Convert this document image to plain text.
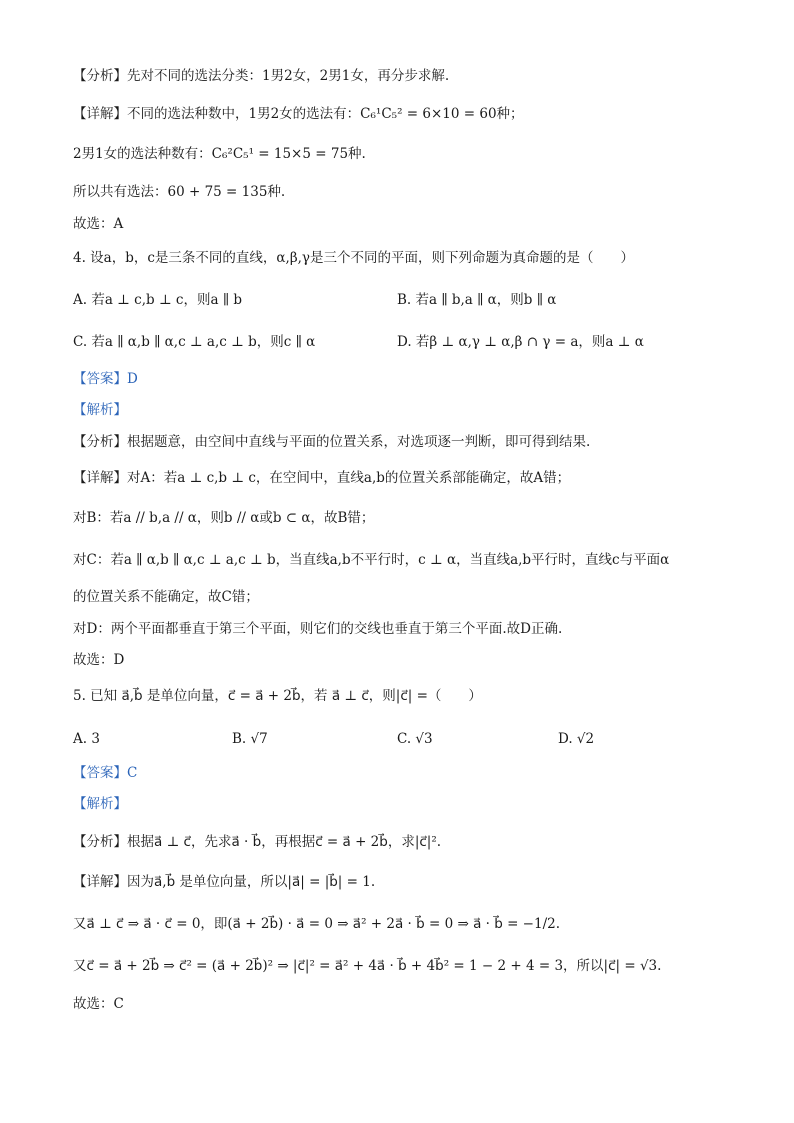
【分析】先对不同的选法分类：1男2女，2男1女，再分步求解.
【详解】不同的选法种数中，1男2女的选法有：C₆¹C₅² = 6×10 = 60种；
2男1女的选法种数有：C₆²C₅¹ = 15×5 = 75种.
所以共有选法：60 + 75 = 135种.
故选：A
4. 设a，b，c是三条不同的直线，α,β,γ是三个不同的平面，则下列命题为真命题的是（　　）
A. 若a ⊥ c,b ⊥ c，则a ∥ b	B. 若a ∥ b,a ∥ α，则b ∥ α
C. 若a ∥ α,b ∥ α,c ⊥ a,c ⊥ b，则c ∥ α	D. 若β ⊥ α,γ ⊥ α,β ∩ γ = a，则a ⊥ α
【答案】D
【解析】
【分析】根据题意，由空间中直线与平面的位置关系，对选项逐一判断，即可得到结果.
【详解】对A：若a ⊥ c,b ⊥ c，在空间中，直线a,b的位置关系部能确定，故A错；
对B：若a // b,a // α，则b // α或b ⊂ α，故B错；
对C：若a ∥ α,b ∥ α,c ⊥ a,c ⊥ b，当直线a,b不平行时，c ⊥ α，当直线a,b平行时，直线c与平面α
的位置关系不能确定，故C错；
对D：两个平面都垂直于第三个平面，则它们的交线也垂直于第三个平面.故D正确.
故选：D
5. 已知 a⃗,b⃗ 是单位向量，c⃗ = a⃗ + 2b⃗，若 a⃗ ⊥ c⃗，则|c⃗| =（　　）
A. 3	B. √7	C. √3	D. √2
【答案】C
【解析】
【分析】根据a⃗ ⊥ c⃗，先求a⃗ · b⃗，再根据c⃗ = a⃗ + 2b⃗，求|c⃗|².
【详解】因为a⃗,b⃗ 是单位向量，所以|a⃗| = |b⃗| = 1.
又a⃗ ⊥ c⃗ ⇒ a⃗ · c⃗ = 0，即(a⃗ + 2b⃗) · a⃗ = 0 ⇒ a⃗² + 2a⃗ · b⃗ = 0 ⇒ a⃗ · b⃗ = −1/2.
又c⃗ = a⃗ + 2b⃗ ⇒ c⃗² = (a⃗ + 2b⃗)² ⇒ |c⃗|² = a⃗² + 4a⃗ · b⃗ + 4b⃗² = 1 − 2 + 4 = 3，所以|c⃗| = √3.
故选：C
